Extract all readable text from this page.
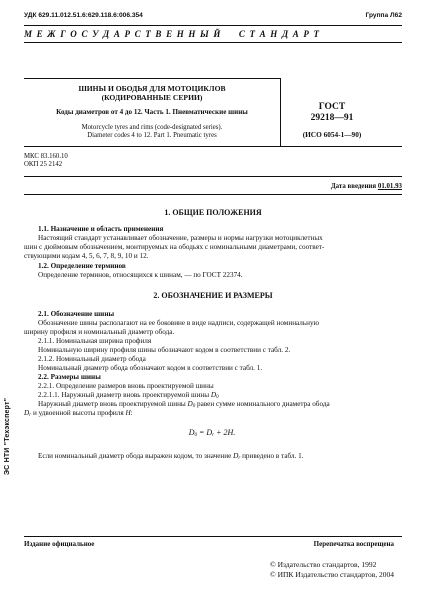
УДК 629.11.012.51.6:629.118.6:006.354	Группа Л62
М Е Ж Г О С У Д А Р С Т В Е Н Н Ы Й     С Т А Н Д А Р Т
ШИНЫ И ОБОДЬЯ ДЛЯ МОТОЦИКЛОВ
(КОДИРОВАННЫЕ СЕРИИ)
Коды диаметров от 4 до 12. Часть 1. Пневматические шины
Motorcycle tyres and rims (code-designated series).
Diameter codes 4 to 12. Part 1. Pneumatic tyres
ГОСТ
29218—91
(ИСО 6054-1—90)
МКС 83.160.10
ОКП 25 2142
Дата введения 01.01.93
1. ОБЩИЕ ПОЛОЖЕНИЯ
1.1. Назначение и область применения
Настоящий стандарт устанавливает обозначение, размеры и нормы нагрузки мотоциклетных
шин с дюймовым обозначением, монтируемых на ободьях с номинальными диаметрами, соответ-
ствующими кодам 4, 5, 6, 7, 8, 9, 10 и 12.
1.2. Определение терминов
Определение терминов, относящихся к шинам, — по ГОСТ 22374.
2. ОБОЗНАЧЕНИЕ И РАЗМЕРЫ
2.1. Обозначение шины
Обозначение шины располагают на ее боковине в виде надписи, содержащей номинальную
ширину профиля и номинальный диаметр обода.
2.1.1. Номинальная ширина профиля
Номинальную ширину профиля шины обозначают кодом в соответствии с табл. 2.
2.1.2. Номинальный диаметр обода
Номинальный диаметр обода обозначают кодом в соответствии с табл. 1.
2.2. Размеры шины
2.2.1. Определение размеров вновь проектируемой шины
2.2.1.1. Наружный диаметр вновь проектируемой шины $D_0$
Наружный диаметр вновь проектируемой шины $D_0$ равен сумме номинального диаметра обода
$D_r$ и удвоенной высоты профиля H:
$D_0 = D_r + 2H$.
Если номинальный диаметр обода выражен кодом, то значение $D_r$ приведено в табл. 1.
Издание официальное	Перепечатка воспрещена
© Издательство стандартов, 1992
© ИПК Издательство стандартов, 2004
ЭС НТИ "Техэксперт"
